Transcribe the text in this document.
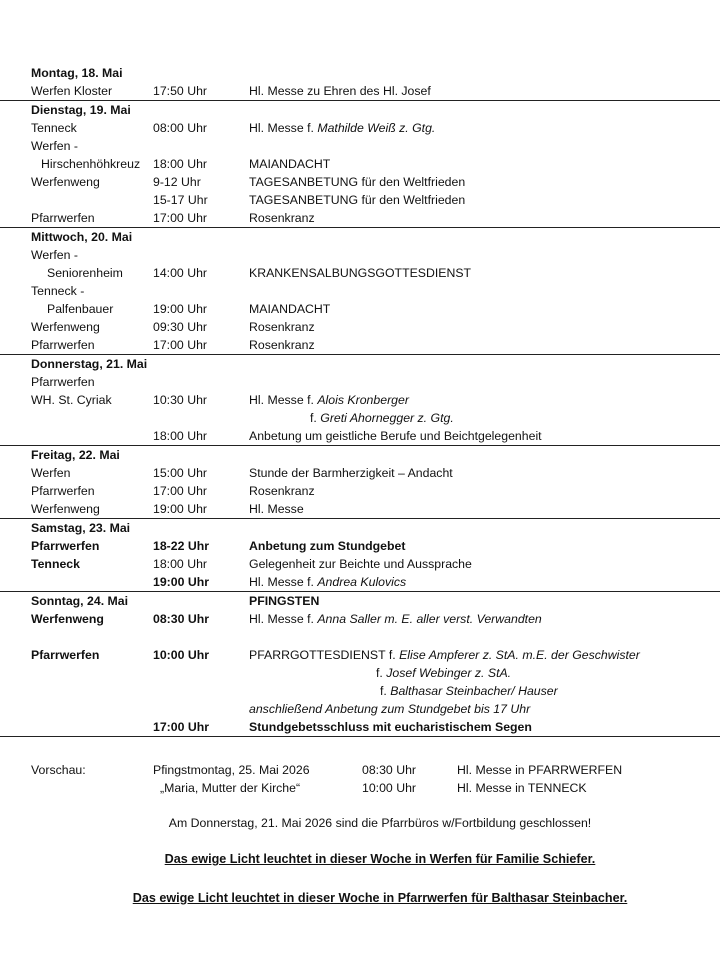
Montag, 18. Mai
Werfen Kloster	17:50 Uhr	Hl. Messe zu Ehren des Hl. Josef
Dienstag, 19. Mai
Tenneck	08:00 Uhr	Hl. Messe f. Mathilde Weiß z. Gtg.
Werfen -
Hirschenhöhkreuz 18:00 Uhr	MAIANDACHT
Werfenweng	9-12 Uhr	TAGESANBETUNG für den Weltfrieden
15-17 Uhr	TAGESANBETUNG für den Weltfrieden
Pfarrwerfen	17:00 Uhr	Rosenkranz
Mittwoch, 20. Mai
Werfen -
Seniorenheim 14:00 Uhr	KRANKENSALBUNGSGOTTESDIENST
Tenneck -
Palfenbauer	19:00 Uhr	MAIANDACHT
Werfenweng	09:30 Uhr	Rosenkranz
Pfarrwerfen	17:00 Uhr	Rosenkranz
Donnerstag, 21. Mai
Pfarrwerfen
WH. St. Cyriak	10:30 Uhr	Hl. Messe f. Alois Kronberger
f. Greti Ahornegger z. Gtg.
18:00 Uhr	Anbetung um geistliche Berufe und Beichtgelegenheit
Freitag, 22. Mai
Werfen	15:00 Uhr	Stunde der Barmherzigkeit – Andacht
Pfarrwerfen	17:00 Uhr	Rosenkranz
Werfenweng	19:00 Uhr	Hl. Messe
Samstag, 23. Mai
Pfarrwerfen	18-22 Uhr	Anbetung zum Stundgebet
Tenneck	18:00 Uhr	Gelegenheit zur Beichte und Aussprache
19:00 Uhr	Hl. Messe f. Andrea Kulovics
Sonntag, 24. Mai	PFINGSTEN
Werfenweng	08:30 Uhr	Hl. Messe f. Anna Saller m. E. aller verst. Verwandten
Pfarrwerfen	10:00 Uhr	PFARRGOTTESDIENST f. Elise Ampferer z. StA. m.E. der Geschwister
f. Josef Webinger z. StA.
f. Balthasar Steinbacher/ Hauser
anschließend Anbetung zum Stundgebet bis 17 Uhr
17:00 Uhr	Stundgebetsschluss mit eucharistischem Segen
Vorschau:	Pfingstmontag, 25. Mai 2026	08:30 Uhr	Hl. Messe in PFARRWERFEN
„Maria, Mutter der Kirche“	10:00 Uhr	Hl. Messe in TENNECK
Am Donnerstag, 21. Mai 2026 sind die Pfarrbüros w/Fortbildung geschlossen!
Das ewige Licht leuchtet in dieser Woche in Werfen für Familie Schiefer.
Das ewige Licht leuchtet in dieser Woche in Pfarrwerfen für Balthasar Steinbacher.
